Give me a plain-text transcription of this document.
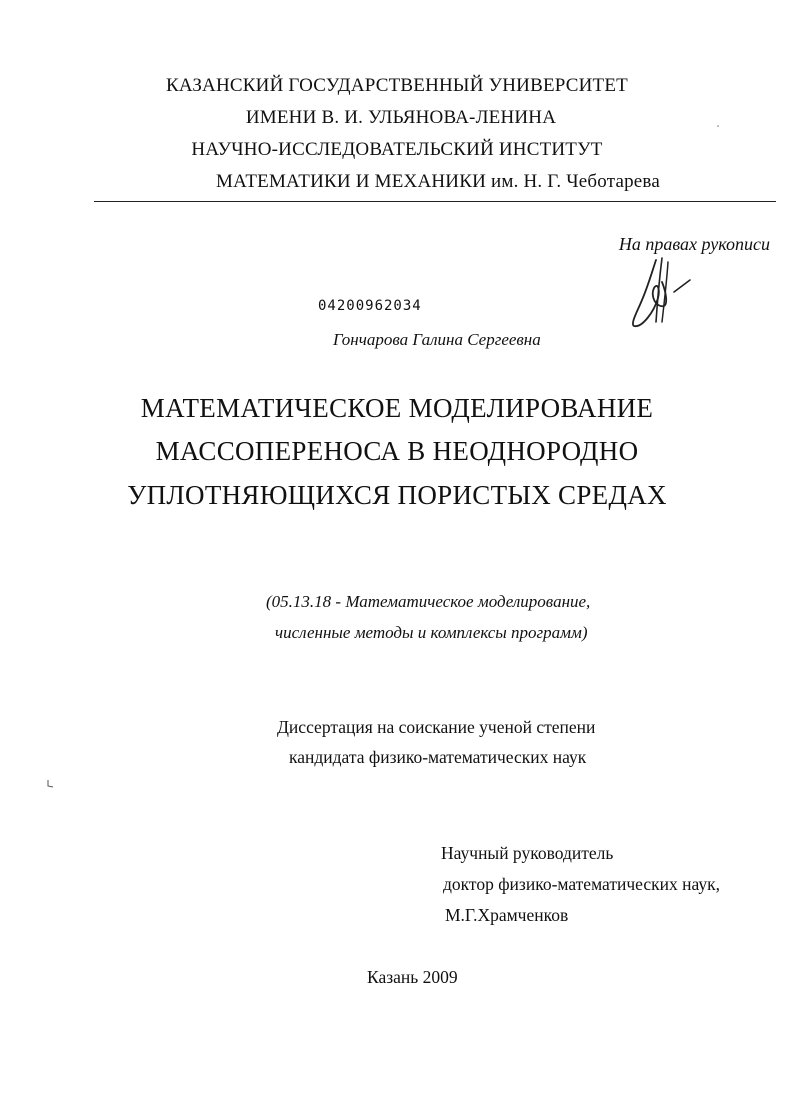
КАЗАНСКИЙ ГОСУДАРСТВЕННЫЙ УНИВЕРСИТЕТ
ИМЕНИ В. И. УЛЬЯНОВА-ЛЕНИНА
НАУЧНО-ИССЛЕДОВАТЕЛЬСКИЙ ИНСТИТУТ
МАТЕМАТИКИ И МЕХАНИКИ им. Н. Г. Чеботарева
На правах рукописи
04200962034
Гончарова Галина Сергеевна
МАТЕМАТИЧЕСКОЕ МОДЕЛИРОВАНИЕ
МАССОПЕРЕНОСА В НЕОДНОРОДНО
УПЛОТНЯЮЩИХСЯ ПОРИСТЫХ СРЕДАХ
(05.13.18 - Математическое моделирование,
численные методы и комплексы программ)
Диссертация на соискание ученой степени
кандидата физико-математических наук
Научный руководитель
доктор физико-математических наук,
М.Г.Храмченков
Казань 2009
